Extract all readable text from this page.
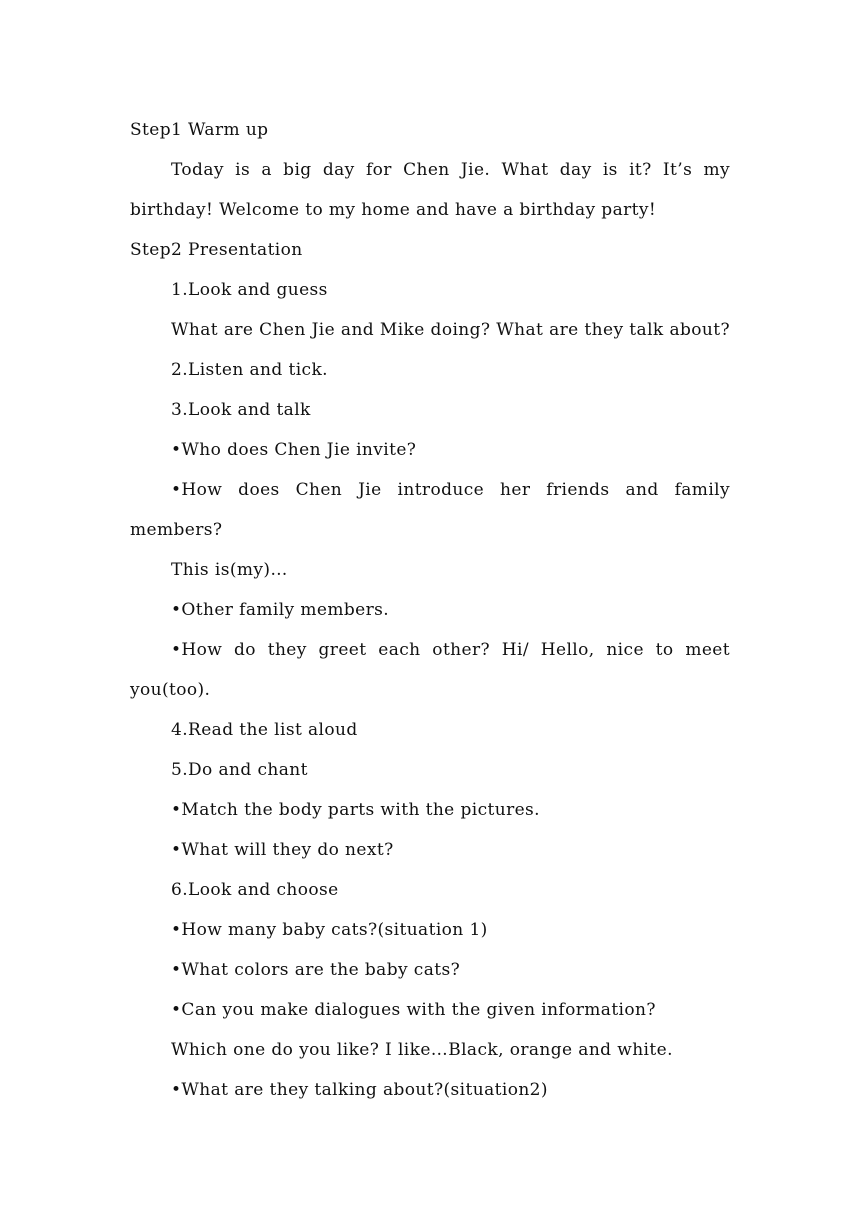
Step1 Warm up
Today is a big day for Chen Jie. What day is it? It’s my
birthday! Welcome to my home and have a birthday party!
Step2 Presentation
1.Look and guess
What are Chen Jie and Mike doing? What are they talk about?
2.Listen and tick.
3.Look and talk
•Who does Chen Jie invite?
•How does Chen Jie introduce her friends and family
members?
This is(my)…
•Other family members.
•How do they greet each other? Hi/ Hello, nice to meet
you(too).
4.Read the list aloud
5.Do and chant
•Match the body parts with the pictures.
•What will they do next?
6.Look and choose
•How many baby cats?(situation 1)
•What colors are the baby cats?
•Can you make dialogues with the given information?
Which one do you like? I like…Black, orange and white.
•What are they talking about?(situation2)
